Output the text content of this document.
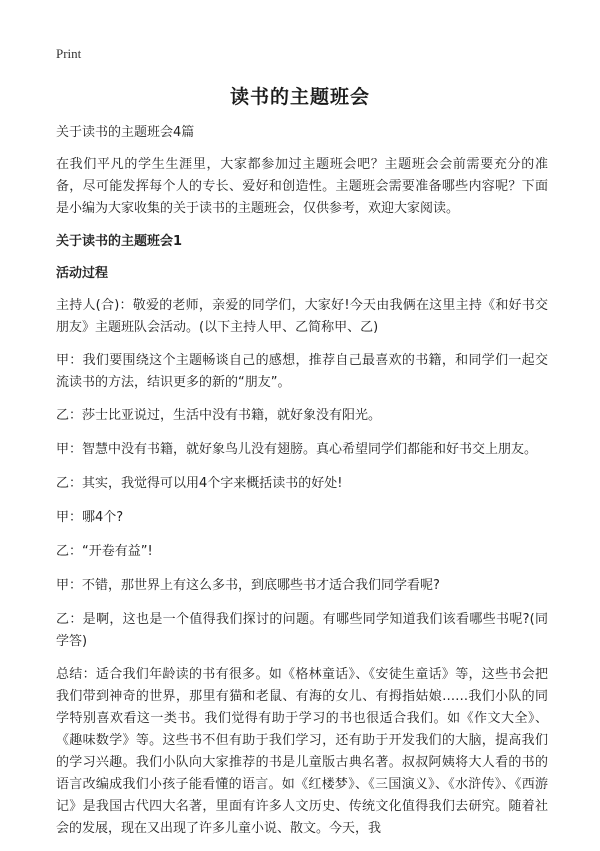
Print
读书的主题班会

关于读书的主题班会4篇

在我们平凡的学生生涯里，大家都参加过主题班会吧？主题班会会前需要充分的准备，尽可能发挥每个人的专长、爱好和创造性。主题班会需要准备哪些内容呢？下面是小编为大家收集的关于读书的主题班会，仅供参考，欢迎大家阅读。

关于读书的主题班会1
活动过程

主持人(合)：敬爱的老师，亲爱的同学们，大家好!今天由我俩在这里主持《和好书交朋友》主题班队会活动。(以下主持人甲、乙简称甲、乙)

甲：我们要围绕这个主题畅谈自己的感想，推荐自己最喜欢的书籍，和同学们一起交流读书的方法，结识更多的新的“朋友”。

乙：莎士比亚说过，生活中没有书籍，就好象没有阳光。

甲：智慧中没有书籍，就好象鸟儿没有翅膀。真心希望同学们都能和好书交上朋友。

乙：其实，我觉得可以用4个字来概括读书的好处!

甲：哪4个?

乙：“开卷有益”!

甲：不错，那世界上有这么多书，到底哪些书才适合我们同学看呢?

乙：是啊，这也是一个值得我们探讨的问题。有哪些同学知道我们该看哪些书呢?(同学答)

总结：适合我们年龄读的书有很多。如《格林童话》、《安徒生童话》等，这些书会把我们带到神奇的世界，那里有猫和老鼠、有海的女儿、有拇指姑娘……我们小队的同学特别喜欢看这一类书。我们觉得有助于学习的书也很适合我们。如《作文大全》、《趣味数学》等。这些书不但有助于我们学习，还有助于开发我们的大脑，提高我们的学习兴趣。我们小队向大家推荐的书是儿童版古典名著。叔叔阿姨将大人看的书的语言改编成我们小孩子能看懂的语言。如《红楼梦》、《三国演义》、《水浒传》、《西游记》是我国古代四大名著，里面有许多人文历史、传统文化值得我们去研究。随着社会的发展，现在又出现了许多儿童小说、散文。今天，我
